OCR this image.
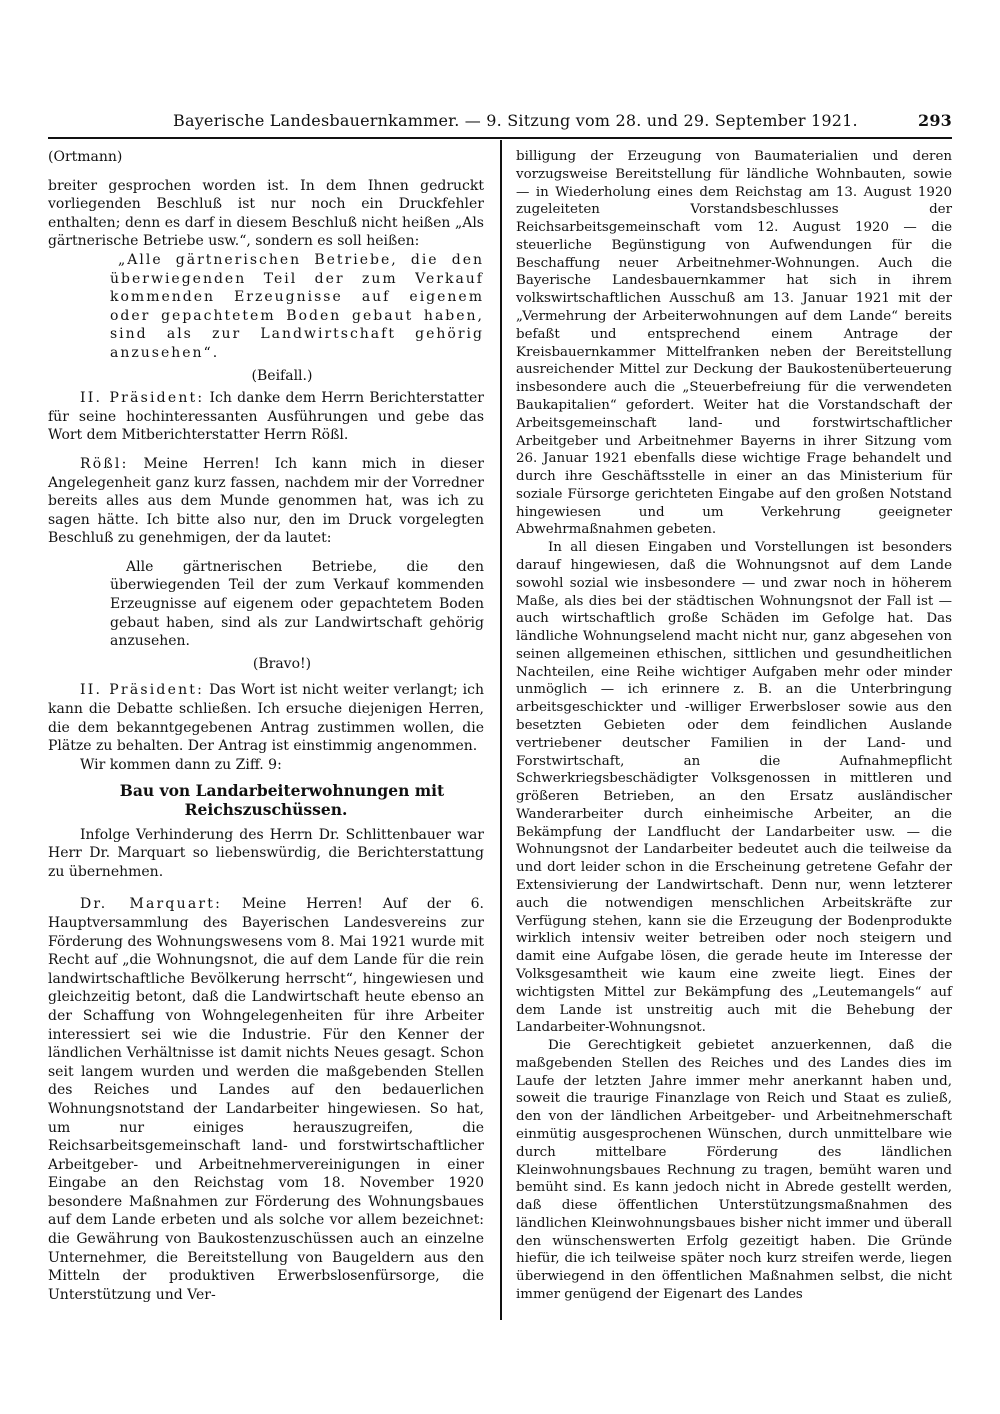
Bayerische Landesbauernkammer. — 9. Sitzung vom 28. und 29. September 1921.	293

(Ortmann)

breiter gesprochen worden ist. In dem Ihnen gedruckt vorliegenden Beschluß ist nur noch ein Druckfehler enthalten; denn es darf in diesem Beschluß nicht heißen „Als gärtnerische Betriebe usw.“, sondern es soll heißen:

„Alle gärtnerischen Betriebe, die den überwiegenden Teil der zum Verkauf kommenden Erzeugnisse auf eigenem oder gepachtetem Boden gebaut haben, sind als zur Landwirtschaft gehörig anzusehen“.

(Beifall.)

II. Präsident: Ich danke dem Herrn Berichterstatter für seine hochinteressanten Ausführungen und gebe das Wort dem Mitberichterstatter Herrn Rößl.

Rößl: Meine Herren! Ich kann mich in dieser Angelegenheit ganz kurz fassen, nachdem mir der Vorredner bereits alles aus dem Munde genommen hat, was ich zu sagen hätte. Ich bitte also nur, den im Druck vorgelegten Beschluß zu genehmigen, der da lautet:

Alle gärtnerischen Betriebe, die den überwiegenden Teil der zum Verkauf kommenden Erzeugnisse auf eigenem oder gepachtetem Boden gebaut haben, sind als zur Landwirtschaft gehörig anzusehen.

(Bravo!)

II. Präsident: Das Wort ist nicht weiter verlangt; ich kann die Debatte schließen. Ich ersuche diejenigen Herren, die dem bekanntgegebenen Antrag zustimmen wollen, die Plätze zu behalten. Der Antrag ist einstimmig angenommen.

Wir kommen dann zu Ziff. 9:

Bau von Landarbeiterwohnungen mit Reichszuschüssen.

Infolge Verhinderung des Herrn Dr. Schlittenbauer war Herr Dr. Marquart so liebenswürdig, die Berichterstattung zu übernehmen.

Dr. Marquart: Meine Herren! Auf der 6. Hauptversammlung des Bayerischen Landesvereins zur Förderung des Wohnungswesens vom 8. Mai 1921 wurde mit Recht auf „die Wohnungsnot, die auf dem Lande für die rein landwirtschaftliche Bevölkerung herrscht“, hingewiesen und gleichzeitig betont, daß die Landwirtschaft heute ebenso an der Schaffung von Wohngelegenheiten für ihre Arbeiter interessiert sei wie die Industrie. Für den Kenner der ländlichen Verhältnisse ist damit nichts Neues gesagt. Schon seit langem wurden und werden die maßgebenden Stellen des Reiches und Landes auf den bedauerlichen Wohnungsnotstand der Landarbeiter hingewiesen. So hat, um nur einiges herauszugreifen, die Reichsarbeitsgemeinschaft land- und forstwirtschaftlicher Arbeitgeber- und Arbeitnehmervereinigungen in einer Eingabe an den Reichstag vom 18. November 1920 besondere Maßnahmen zur Förderung des Wohnungsbaues auf dem Lande erbeten und als solche vor allem bezeichnet: die Gewährung von Baukostenzuschüssen auch an einzelne Unternehmer, die Bereitstellung von Baugeldern aus den Mitteln der produktiven Erwerbslosenfürsorge, die Unterstützung und Ver-

billigung der Erzeugung von Baumaterialien und deren vorzugsweise Bereitstellung für ländliche Wohnbauten, sowie — in Wiederholung eines dem Reichstag am 13. August 1920 zugeleiteten Vorstandsbeschlusses der Reichsarbeitsgemeinschaft vom 12. August 1920 — die steuerliche Begünstigung von Aufwendungen für die Beschaffung neuer Arbeitnehmer-Wohnungen. Auch die Bayerische Landesbauernkammer hat sich in ihrem volkswirtschaftlichen Ausschuß am 13. Januar 1921 mit der „Vermehrung der Arbeiterwohnungen auf dem Lande“ bereits befaßt und entsprechend einem Antrage der Kreisbauernkammer Mittelfranken neben der Bereitstellung ausreichender Mittel zur Deckung der Baukostenüberteuerung insbesondere auch die „Steuerbefreiung für die verwendeten Baukapitalien“ gefordert. Weiter hat die Vorstandschaft der Arbeitsgemeinschaft land- und forstwirtschaftlicher Arbeitgeber und Arbeitnehmer Bayerns in ihrer Sitzung vom 26. Januar 1921 ebenfalls diese wichtige Frage behandelt und durch ihre Geschäftsstelle in einer an das Ministerium für soziale Fürsorge gerichteten Eingabe auf den großen Notstand hingewiesen und um Verkehrung geeigneter Abwehrmaßnahmen gebeten.

In all diesen Eingaben und Vorstellungen ist besonders darauf hingewiesen, daß die Wohnungsnot auf dem Lande sowohl sozial wie insbesondere — und zwar noch in höherem Maße, als dies bei der städtischen Wohnungsnot der Fall ist — auch wirtschaftlich große Schäden im Gefolge hat. Das ländliche Wohnungselend macht nicht nur, ganz abgesehen von seinen allgemeinen ethischen, sittlichen und gesundheitlichen Nachteilen, eine Reihe wichtiger Aufgaben mehr oder minder unmöglich — ich erinnere z. B. an die Unterbringung arbeitsgeschickter und -williger Erwerbsloser sowie aus den besetzten Gebieten oder dem feindlichen Auslande vertriebener deutscher Familien in der Land- und Forstwirtschaft, an die Aufnahmepflicht Schwerkriegsbeschädigter Volksgenossen in mittleren und größeren Betrieben, an den Ersatz ausländischer Wanderarbeiter durch einheimische Arbeiter, an die Bekämpfung der Landflucht der Landarbeiter usw. — die Wohnungsnot der Landarbeiter bedeutet auch die teilweise da und dort leider schon in die Erscheinung getretene Gefahr der Extensivierung der Landwirtschaft. Denn nur, wenn letzterer auch die notwendigen menschlichen Arbeitskräfte zur Verfügung stehen, kann sie die Erzeugung der Bodenprodukte wirklich intensiv weiter betreiben oder noch steigern und damit eine Aufgabe lösen, die gerade heute im Interesse der Volksgesamtheit wie kaum eine zweite liegt. Eines der wichtigsten Mittel zur Bekämpfung des „Leutemangels“ auf dem Lande ist unstreitig auch mit die Behebung der Landarbeiter-Wohnungsnot.

Die Gerechtigkeit gebietet anzuerkennen, daß die maßgebenden Stellen des Reiches und des Landes dies im Laufe der letzten Jahre immer mehr anerkannt haben und, soweit die traurige Finanzlage von Reich und Staat es zuließ, den von der ländlichen Arbeitgeber- und Arbeitnehmerschaft einmütig ausgesprochenen Wünschen, durch unmittelbare wie durch mittelbare Förderung des ländlichen Kleinwohnungsbaues Rechnung zu tragen, bemüht waren und bemüht sind. Es kann jedoch nicht in Abrede gestellt werden, daß diese öffentlichen Unterstützungsmaßnahmen des ländlichen Kleinwohnungsbaues bisher nicht immer und überall den wünschenswerten Erfolg gezeitigt haben. Die Gründe hiefür, die ich teilweise später noch kurz streifen werde, liegen überwiegend in den öffentlichen Maßnahmen selbst, die nicht immer genügend der Eigenart des Landes
